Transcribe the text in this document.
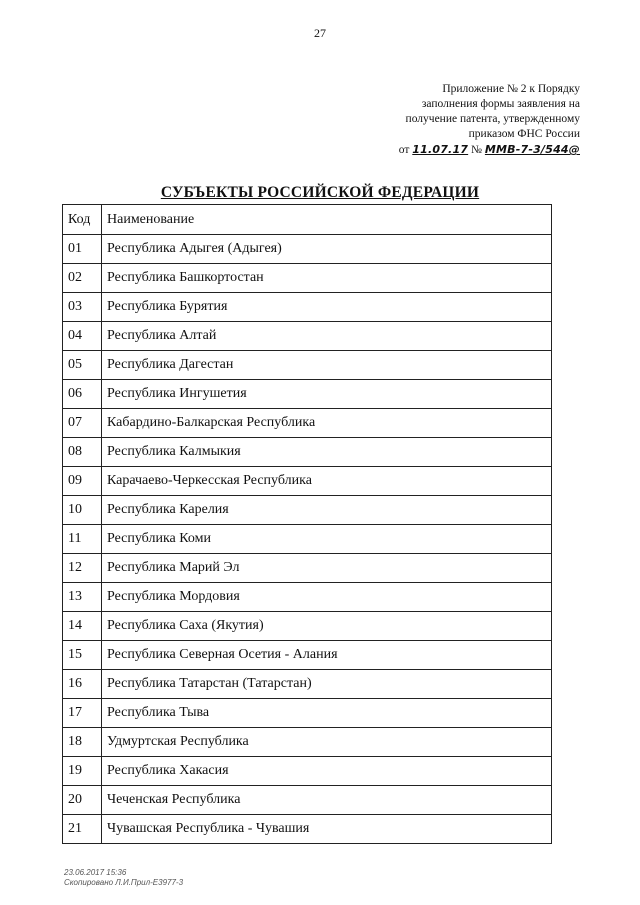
27
Приложение № 2 к Порядку
заполнения формы заявления на
получение патента, утвержденному
приказом ФНС России
от 11.07.17 № ММВ-7-3/544@
СУБЪЕКТЫ РОССИЙСКОЙ ФЕДЕРАЦИИ
Код	Наименование
01	Республика Адыгея (Адыгея)
02	Республика Башкортостан
03	Республика Бурятия
04	Республика Алтай
05	Республика Дагестан
06	Республика Ингушетия
07	Кабардино-Балкарская Республика
08	Республика Калмыкия
09	Карачаево-Черкесская Республика
10	Республика Карелия
11	Республика Коми
12	Республика Марий Эл
13	Республика Мордовия
14	Республика Саха (Якутия)
15	Республика Северная Осетия - Алания
16	Республика Татарстан (Татарстан)
17	Республика Тыва
18	Удмуртская Республика
19	Республика Хакасия
20	Чеченская Республика
21	Чувашская Республика - Чувашия
23.06.2017 15:36
Скопировано Л.И.Прил-Е3977-3
